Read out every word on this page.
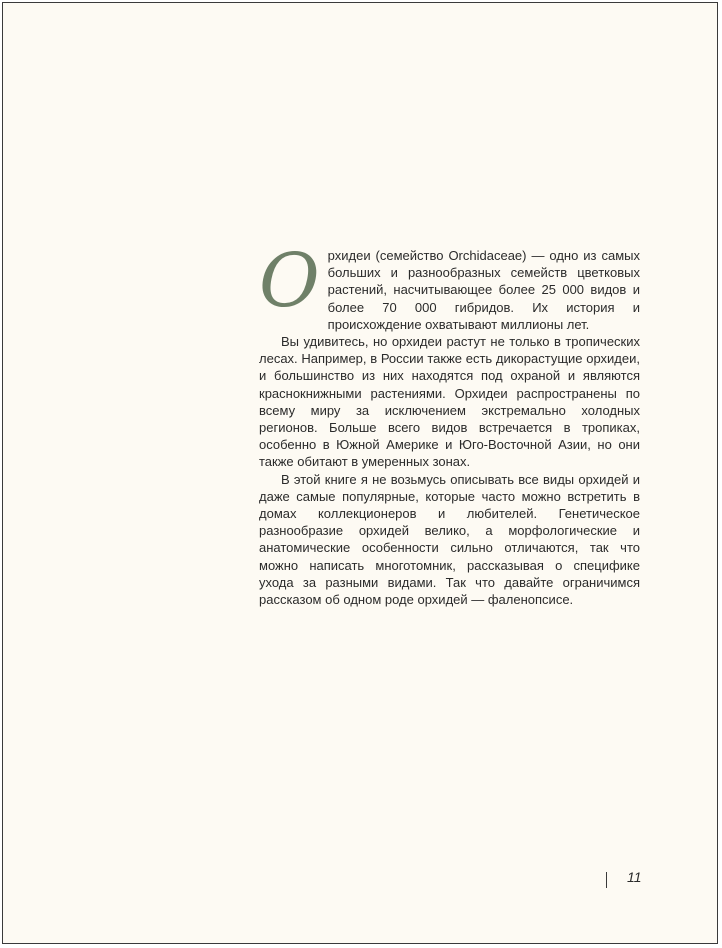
Орхидеи (семейство Orchidaceae) — одно из самых больших и разнообразных семейств цветковых растений, насчитывающее более 25 000 видов и более 70 000 гибридов. Их история и происхождение охватывают миллионы лет.

Вы удивитесь, но орхидеи растут не только в тропических лесах. Например, в России также есть дикорастущие орхидеи, и большинство из них находятся под охраной и являются краснокнижными растениями. Орхидеи распространены по всему миру за исключением экстремально холодных регионов. Больше всего видов встречается в тропиках, особенно в Южной Америке и Юго-Восточной Азии, но они также обитают в умеренных зонах.

В этой книге я не возьмусь описывать все виды орхидей и даже самые популярные, которые часто можно встретить в домах коллекционеров и любителей. Генетическое разнообразие орхидей велико, а морфологические и анатомические особенности сильно отличаются, так что можно написать многотомник, рассказывая о специфике ухода за разными видами. Так что давайте ограничимся рассказом об одном роде орхидей — фаленопсисе.

11
